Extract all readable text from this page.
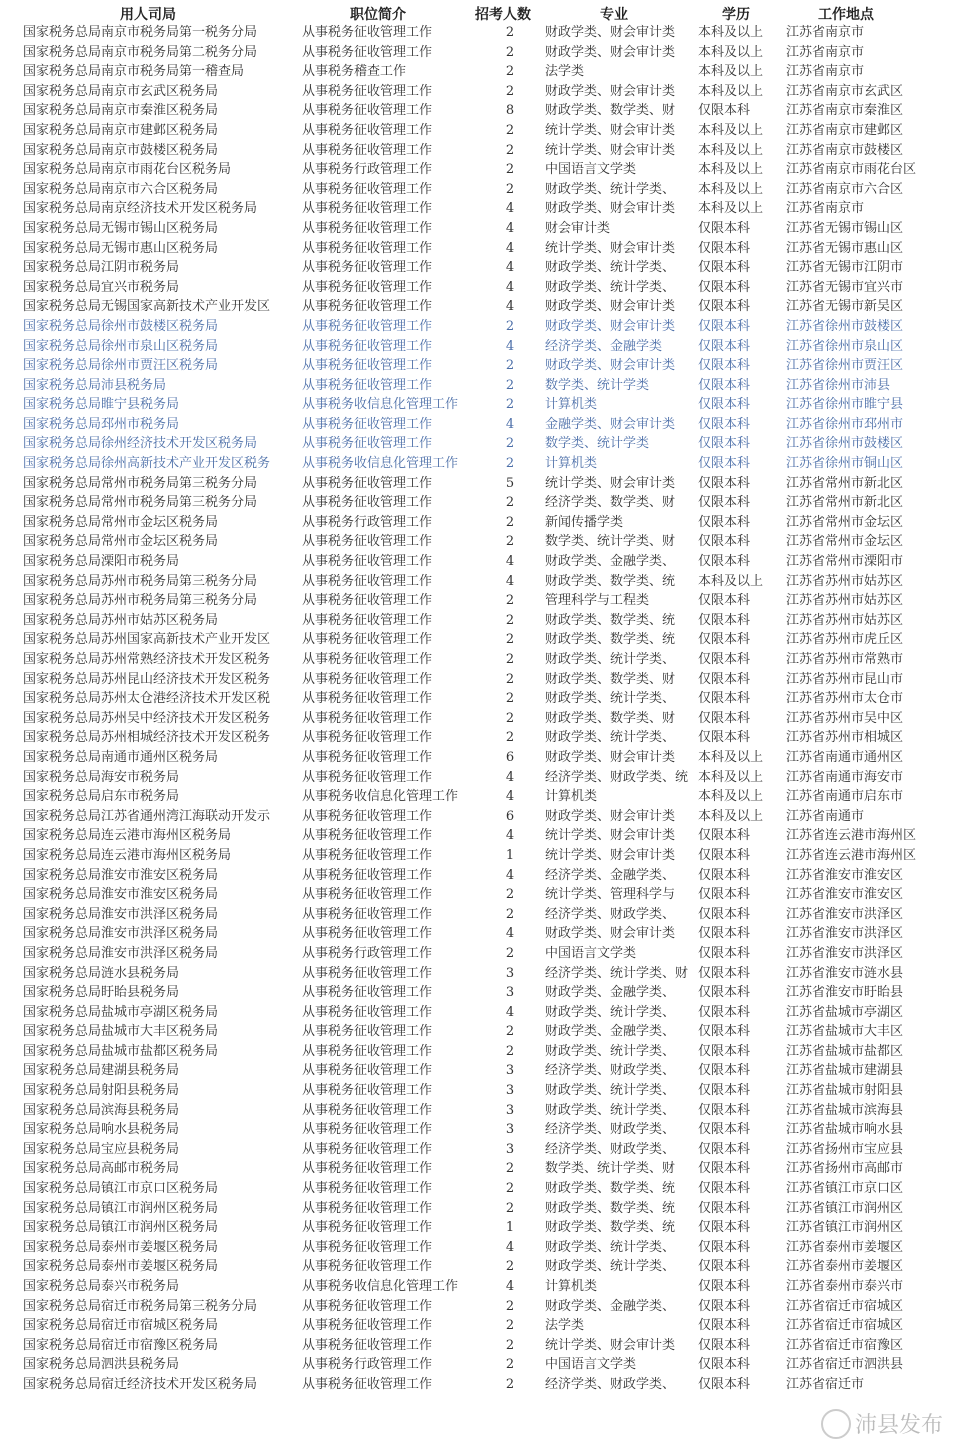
用人司局	职位简介	招考人数	专业	学历	工作地点
国家税务总局南京市税务局第一税务分局	从事税务征收管理工作	2	财政学类、财会审计类	本科及以上	江苏省南京市
国家税务总局南京市税务局第二税务分局	从事税务征收管理工作	2	财政学类、财会审计类	本科及以上	江苏省南京市
国家税务总局南京市税务局第一稽查局	从事税务稽查工作	2	法学类	本科及以上	江苏省南京市
国家税务总局南京市玄武区税务局	从事税务征收管理工作	2	财政学类、财会审计类	本科及以上	江苏省南京市玄武区
国家税务总局南京市秦淮区税务局	从事税务征收管理工作	8	财政学类、数学类、财	仅限本科	江苏省南京市秦淮区
国家税务总局南京市建邺区税务局	从事税务征收管理工作	2	统计学类、财会审计类	本科及以上	江苏省南京市建邺区
国家税务总局南京市鼓楼区税务局	从事税务征收管理工作	2	统计学类、财会审计类	本科及以上	江苏省南京市鼓楼区
国家税务总局南京市雨花台区税务局	从事税务行政管理工作	2	中国语言文学类	本科及以上	江苏省南京市雨花台区
国家税务总局南京市六合区税务局	从事税务征收管理工作	2	财政学类、统计学类、	本科及以上	江苏省南京市六合区
国家税务总局南京经济技术开发区税务局	从事税务征收管理工作	4	财政学类、财会审计类	本科及以上	江苏省南京市
国家税务总局无锡市锡山区税务局	从事税务征收管理工作	4	财会审计类	仅限本科	江苏省无锡市锡山区
国家税务总局无锡市惠山区税务局	从事税务征收管理工作	4	统计学类、财会审计类	仅限本科	江苏省无锡市惠山区
国家税务总局江阴市税务局	从事税务征收管理工作	4	财政学类、统计学类、	仅限本科	江苏省无锡市江阴市
国家税务总局宜兴市税务局	从事税务征收管理工作	4	财政学类、统计学类、	仅限本科	江苏省无锡市宜兴市
国家税务总局无锡国家高新技术产业开发区	从事税务征收管理工作	4	财政学类、财会审计类	仅限本科	江苏省无锡市新吴区
国家税务总局徐州市鼓楼区税务局	从事税务征收管理工作	2	财政学类、财会审计类	仅限本科	江苏省徐州市鼓楼区
国家税务总局徐州市泉山区税务局	从事税务征收管理工作	4	经济学类、金融学类	仅限本科	江苏省徐州市泉山区
国家税务总局徐州市贾汪区税务局	从事税务征收管理工作	2	财政学类、财会审计类	仅限本科	江苏省徐州市贾汪区
国家税务总局沛县税务局	从事税务征收管理工作	2	数学类、统计学类	仅限本科	江苏省徐州市沛县
国家税务总局睢宁县税务局	从事税务收信息化管理工作	2	计算机类	仅限本科	江苏省徐州市睢宁县
国家税务总局邳州市税务局	从事税务征收管理工作	4	金融学类、财会审计类	仅限本科	江苏省徐州市邳州市
国家税务总局徐州经济技术开发区税务局	从事税务征收管理工作	2	数学类、统计学类	仅限本科	江苏省徐州市鼓楼区
国家税务总局徐州高新技术产业开发区税务	从事税务收信息化管理工作	2	计算机类	仅限本科	江苏省徐州市铜山区
国家税务总局常州市税务局第三税务分局	从事税务征收管理工作	5	统计学类、财会审计类	仅限本科	江苏省常州市新北区
国家税务总局常州市税务局第三税务分局	从事税务征收管理工作	2	经济学类、数学类、财	仅限本科	江苏省常州市新北区
国家税务总局常州市金坛区税务局	从事税务行政管理工作	2	新闻传播学类	仅限本科	江苏省常州市金坛区
国家税务总局常州市金坛区税务局	从事税务征收管理工作	2	数学类、统计学类、财	仅限本科	江苏省常州市金坛区
国家税务总局溧阳市税务局	从事税务征收管理工作	4	财政学类、金融学类、	仅限本科	江苏省常州市溧阳市
国家税务总局苏州市税务局第三税务分局	从事税务征收管理工作	4	财政学类、数学类、统	本科及以上	江苏省苏州市姑苏区
国家税务总局苏州市税务局第三税务分局	从事税务征收管理工作	2	管理科学与工程类	仅限本科	江苏省苏州市姑苏区
国家税务总局苏州市姑苏区税务局	从事税务征收管理工作	2	财政学类、数学类、统	仅限本科	江苏省苏州市姑苏区
国家税务总局苏州国家高新技术产业开发区	从事税务征收管理工作	2	财政学类、数学类、统	仅限本科	江苏省苏州市虎丘区
国家税务总局苏州常熟经济技术开发区税务	从事税务征收管理工作	2	财政学类、统计学类、	仅限本科	江苏省苏州市常熟市
国家税务总局苏州昆山经济技术开发区税务	从事税务征收管理工作	2	财政学类、数学类、财	仅限本科	江苏省苏州市昆山市
国家税务总局苏州太仓港经济技术开发区税	从事税务征收管理工作	2	财政学类、统计学类、	仅限本科	江苏省苏州市太仓市
国家税务总局苏州吴中经济技术开发区税务	从事税务征收管理工作	2	财政学类、数学类、财	仅限本科	江苏省苏州市吴中区
国家税务总局苏州相城经济技术开发区税务	从事税务征收管理工作	2	财政学类、统计学类、	仅限本科	江苏省苏州市相城区
国家税务总局南通市通州区税务局	从事税务征收管理工作	6	财政学类、财会审计类	本科及以上	江苏省南通市通州区
国家税务总局海安市税务局	从事税务征收管理工作	4	经济学类、财政学类、统	本科及以上	江苏省南通市海安市
国家税务总局启东市税务局	从事税务收信息化管理工作	4	计算机类	本科及以上	江苏省南通市启东市
国家税务总局江苏省通州湾江海联动开发示	从事税务征收管理工作	6	财政学类、财会审计类	本科及以上	江苏省南通市
国家税务总局连云港市海州区税务局	从事税务征收管理工作	4	统计学类、财会审计类	仅限本科	江苏省连云港市海州区
国家税务总局连云港市海州区税务局	从事税务征收管理工作	1	统计学类、财会审计类	仅限本科	江苏省连云港市海州区
国家税务总局淮安市淮安区税务局	从事税务征收管理工作	4	经济学类、金融学类、	仅限本科	江苏省淮安市淮安区
国家税务总局淮安市淮安区税务局	从事税务征收管理工作	2	统计学类、管理科学与	仅限本科	江苏省淮安市淮安区
国家税务总局淮安市洪泽区税务局	从事税务征收管理工作	2	经济学类、财政学类、	仅限本科	江苏省淮安市洪泽区
国家税务总局淮安市洪泽区税务局	从事税务征收管理工作	4	财政学类、财会审计类	仅限本科	江苏省淮安市洪泽区
国家税务总局淮安市洪泽区税务局	从事税务行政管理工作	2	中国语言文学类	仅限本科	江苏省淮安市洪泽区
国家税务总局涟水县税务局	从事税务征收管理工作	3	经济学类、统计学类、财	仅限本科	江苏省淮安市涟水县
国家税务总局盱眙县税务局	从事税务征收管理工作	3	财政学类、金融学类、	仅限本科	江苏省淮安市盱眙县
国家税务总局盐城市亭湖区税务局	从事税务征收管理工作	4	财政学类、统计学类、	仅限本科	江苏省盐城市亭湖区
国家税务总局盐城市大丰区税务局	从事税务征收管理工作	2	财政学类、金融学类、	仅限本科	江苏省盐城市大丰区
国家税务总局盐城市盐都区税务局	从事税务征收管理工作	2	财政学类、统计学类、	仅限本科	江苏省盐城市盐都区
国家税务总局建湖县税务局	从事税务征收管理工作	3	经济学类、财政学类、	仅限本科	江苏省盐城市建湖县
国家税务总局射阳县税务局	从事税务征收管理工作	3	财政学类、统计学类、	仅限本科	江苏省盐城市射阳县
国家税务总局滨海县税务局	从事税务征收管理工作	3	财政学类、统计学类、	仅限本科	江苏省盐城市滨海县
国家税务总局响水县税务局	从事税务征收管理工作	3	经济学类、财政学类、	仅限本科	江苏省盐城市响水县
国家税务总局宝应县税务局	从事税务征收管理工作	3	经济学类、财政学类、	仅限本科	江苏省扬州市宝应县
国家税务总局高邮市税务局	从事税务征收管理工作	2	数学类、统计学类、财	仅限本科	江苏省扬州市高邮市
国家税务总局镇江市京口区税务局	从事税务征收管理工作	2	财政学类、数学类、统	仅限本科	江苏省镇江市京口区
国家税务总局镇江市润州区税务局	从事税务征收管理工作	2	财政学类、数学类、统	仅限本科	江苏省镇江市润州区
国家税务总局镇江市润州区税务局	从事税务征收管理工作	1	财政学类、数学类、统	仅限本科	江苏省镇江市润州区
国家税务总局泰州市姜堰区税务局	从事税务征收管理工作	4	财政学类、统计学类、	仅限本科	江苏省泰州市姜堰区
国家税务总局泰州市姜堰区税务局	从事税务征收管理工作	2	财政学类、统计学类、	仅限本科	江苏省泰州市姜堰区
国家税务总局泰兴市税务局	从事税务收信息化管理工作	4	计算机类	仅限本科	江苏省泰州市泰兴市
国家税务总局宿迁市税务局第三税务分局	从事税务征收管理工作	2	财政学类、金融学类、	仅限本科	江苏省宿迁市宿城区
国家税务总局宿迁市宿城区税务局	从事税务征收管理工作	2	法学类	仅限本科	江苏省宿迁市宿城区
国家税务总局宿迁市宿豫区税务局	从事税务征收管理工作	2	统计学类、财会审计类	仅限本科	江苏省宿迁市宿豫区
国家税务总局泗洪县税务局	从事税务行政管理工作	2	中国语言文学类	仅限本科	江苏省宿迁市泗洪县
国家税务总局宿迁经济技术开发区税务局	从事税务征收管理工作	2	经济学类、财政学类、	仅限本科	江苏省宿迁市
沛县发布
